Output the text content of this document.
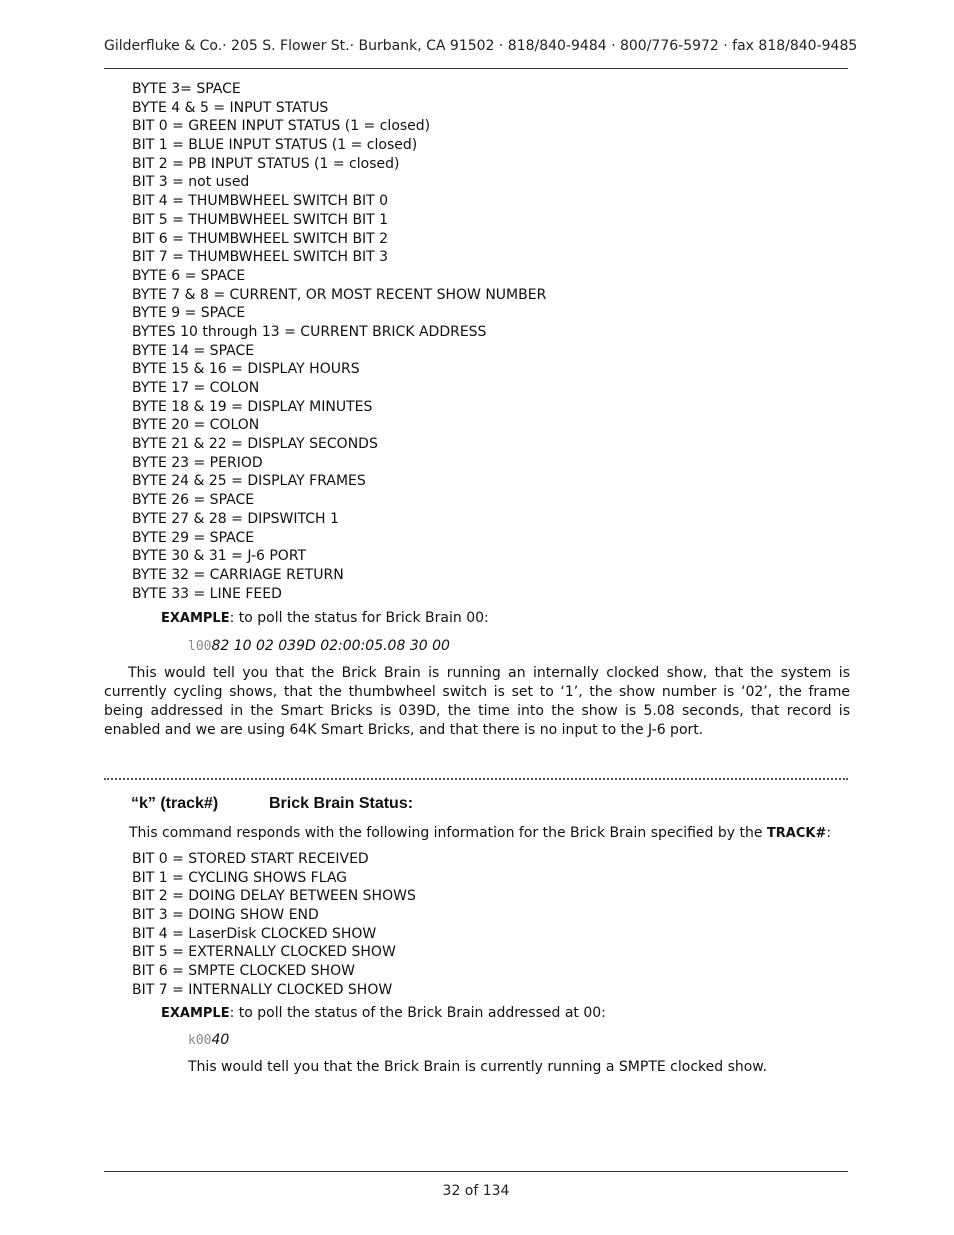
Gilderfluke & Co.· 205 S. Flower St.· Burbank, CA 91502 · 818/840-9484 · 800/776-5972 · fax 818/840-9485
BYTE 3= SPACE
BYTE 4 & 5 = INPUT STATUS
BIT 0 = GREEN INPUT STATUS (1 = closed)
BIT 1 = BLUE INPUT STATUS (1 = closed)
BIT 2 = PB INPUT STATUS (1 = closed)
BIT 3 = not used
BIT 4 = THUMBWHEEL SWITCH BIT 0
BIT 5 = THUMBWHEEL SWITCH BIT 1
BIT 6 = THUMBWHEEL SWITCH BIT 2
BIT 7 = THUMBWHEEL SWITCH BIT 3
BYTE 6 = SPACE
BYTE 7 & 8 = CURRENT, OR MOST RECENT SHOW NUMBER
BYTE 9 = SPACE
BYTES 10 through 13 = CURRENT BRICK ADDRESS
BYTE 14 = SPACE
BYTE 15 & 16 = DISPLAY HOURS
BYTE 17 = COLON
BYTE 18 & 19 = DISPLAY MINUTES
BYTE 20 = COLON
BYTE 21 & 22 = DISPLAY SECONDS
BYTE 23 = PERIOD
BYTE 24 & 25 = DISPLAY FRAMES
BYTE 26 = SPACE
BYTE 27 & 28 = DIPSWITCH 1
BYTE 29 = SPACE
BYTE 30 & 31 = J-6 PORT
BYTE 32 = CARRIAGE RETURN
BYTE 33 = LINE FEED
EXAMPLE: to poll the status for Brick Brain 00:
l0082 10 02 039D 02:00:05.08 30 00
This would tell you that the Brick Brain is running an internally clocked show, that the system is currently cycling shows, that the thumbwheel switch is set to ‘1’, the show number is ‘02’, the frame being addressed in the Smart Bricks is 039D, the time into the show is 5.08 seconds, that record is enabled and we are using 64K Smart Bricks, and that there is no input to the J-6 port.
“k” (track#)	Brick Brain Status:
This command responds with the following information for the Brick Brain specified by the TRACK#:
BIT 0 = STORED START RECEIVED
BIT 1 = CYCLING SHOWS FLAG
BIT 2 = DOING DELAY BETWEEN SHOWS
BIT 3 = DOING SHOW END
BIT 4 = LaserDisk CLOCKED SHOW
BIT 5 = EXTERNALLY CLOCKED SHOW
BIT 6 = SMPTE CLOCKED SHOW
BIT 7 = INTERNALLY CLOCKED SHOW
EXAMPLE: to poll the status of the Brick Brain addressed at 00:
k0040
This would tell you that the Brick Brain is currently running a SMPTE clocked show.
32 of 134
